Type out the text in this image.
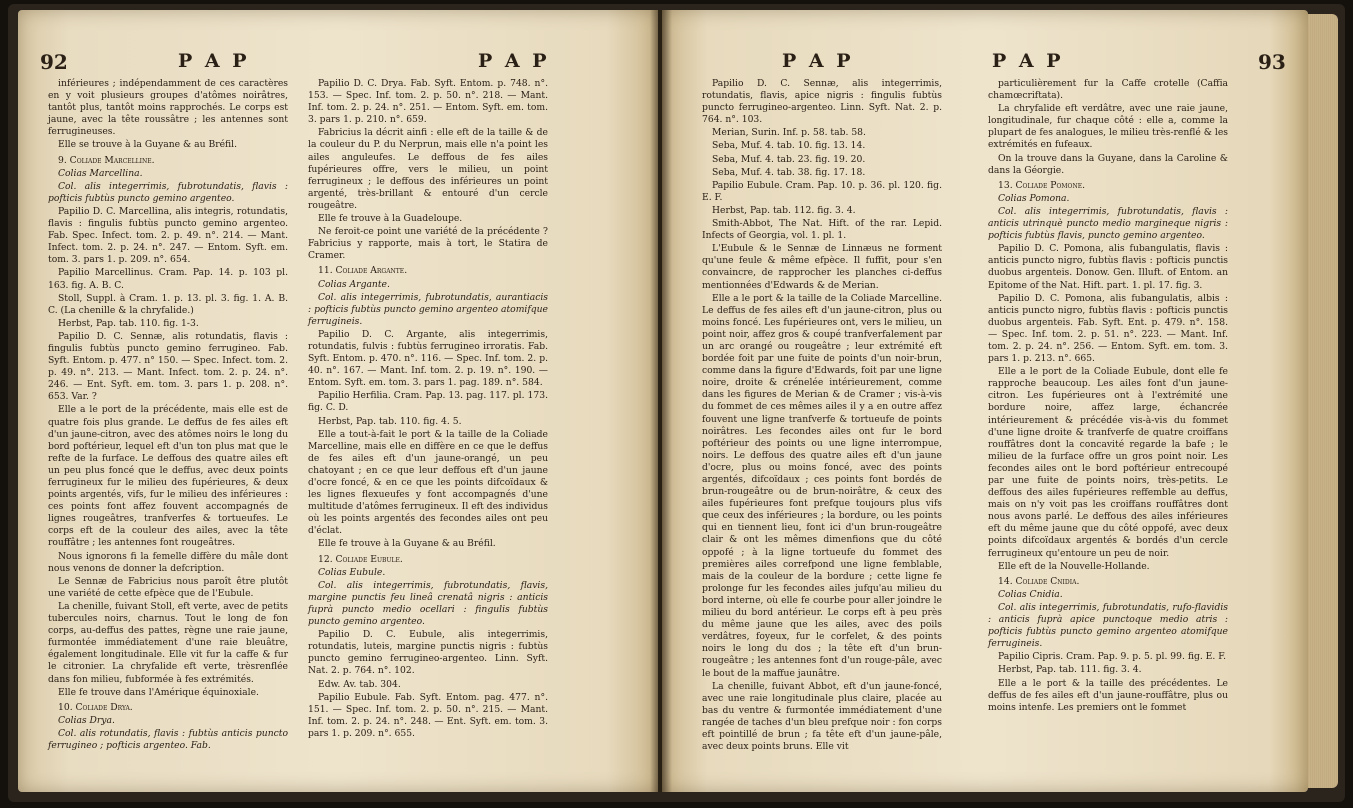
92	P A P	P A P

inférieures ; indépendamment de ces caractères en y voit plusieurs groupes d'atômes noirâtres, tantôt plus, tantôt moins rapprochés. Le corps est jaune, avec la tête roussâtre ; les antennes sont ferrugineuses.

Elle se trouve à la Guyane & au Bréfil.

9. Coliade Marcelline.

Colias Marcellina.

Col. alis integerrimis, fubrotundatis, flavis : pofticis fubtùs puncto gemino argenteo.

Papilio D. C. Marcellina, alis integris, rotundatis, flavis : fingulis fubtùs puncto gemino argenteo. Fab. Spec. Infect. tom. 2. p. 49. n°. 214. — Mant. Infect. tom. 2. p. 24. n°. 247. — Entom. Syft. em. tom. 3. pars 1. p. 209. n°. 654.

Papilio Marcellinus. Cram. Pap. 14. p. 103 pl. 163. fig. A. B. C.

Stoll, Suppl. à Cram. 1. p. 13. pl. 3. fig. 1. A. B. C. (La chenille & la chryfalide.)

Herbst, Pap. tab. 110. fig. 1-3.

Papilio D. C. Sennæ, alis rotundatis, flavis : fingulis fubtùs puncto gemino ferrugineo. Fab. Syft. Entom. p. 477. n° 150. — Spec. Infect. tom. 2. p. 49. n°. 213. — Mant. Infect. tom. 2. p. 24. n°. 246. — Ent. Syft. em. tom. 3. pars 1. p. 208. n°. 653. Var. ?

Elle a le port de la précédente, mais elle est de quatre fois plus grande. Le deffus de fes ailes eft d'un jaune-citron, avec des atômes noirs le long du bord poftérieur, lequel eft d'un ton plus mat que le refte de la furface. Le deffous des quatre ailes eft un peu plus foncé que le deffus, avec deux points ferrugineux fur le milieu des fupérieures, & deux points argentés, vifs, fur le milieu des inférieures : ces points font affez fouvent accompagnés de lignes rougeâtres, tranfverfes & tortueufes. Le corps eft de la couleur des ailes, avec la tête rouffâtre ; les antennes font rougeâtres.

Nous ignorons fi la femelle diffère du mâle dont nous venons de donner la defcription.

Le Sennæ de Fabricius nous paroît être plutôt une variété de cette efpèce que de l'Eubule.

La chenille, fuivant Stoll, eft verte, avec de petits tubercules noirs, charnus. Tout le long de fon corps, au-deffus des pattes, règne une raie jaune, furmontée immédiatement d'une raie bleuâtre, également longitudinale. Elle vit fur la caffe & fur le citronier. La chryfalide eft verte, trèsrenflée dans fon milieu, fubformée à fes extrémités.

Elle fe trouve dans l'Amérique équinoxiale.

10. Coliade Drya.

Colias Drya.

Col. alis rotundatis, flavis : fubtùs anticis puncto ferrugineo ; pofticis argenteo. Fab.

Papilio D. C. Drya. Fab. Syft. Entom. p. 748. n°. 153. — Spec. Inf. tom. 2. p. 50. n°. 218. — Mant. Inf. tom. 2. p. 24. n°. 251. — Entom. Syft. em. tom. 3. pars 1. p. 210. n°. 659.

Fabricius la décrit ainfi : elle eft de la taille & de la couleur du P. du Nerprun, mais elle n'a point les ailes anguleufes. Le deffous de fes ailes fupérieures offre, vers le milieu, un point ferrugineux ; le deffous des inférieures un point argenté, très-brillant & entouré d'un cercle rougeâtre.

Elle fe trouve à la Guadeloupe.

Ne feroit-ce point une variété de la précédente ? Fabricius y rapporte, mais à tort, le Statira de Cramer.

11. Coliade Argante.

Colias Argante.

Col. alis integerrimis, fubrotundatis, aurantiacis : pofticis fubtùs puncto gemino argenteo atomifque ferrugineis.

Papilio D. C. Argante, alis integerrimis, rotundatis, fulvis : fubtùs ferrugineo irroratis. Fab. Syft. Entom. p. 470. n°. 116. — Spec. Inf. tom. 2. p. 40. n°. 167. — Mant. Inf. tom. 2. p. 19. n°. 190. — Entom. Syft. em. tom. 3. pars 1. pag. 189. n°. 584.

Papilio Herfilia. Cram. Pap. 13. pag. 117. pl. 173. fig. C. D.

Herbst, Pap. tab. 110. fig. 4. 5.

Elle a tout-à-fait le port & la taille de la Coliade Marcelline, mais elle en diffère en ce que le deffus de fes ailes eft d'un jaune-orangé, un peu chatoyant ; en ce que leur deffous eft d'un jaune d'ocre foncé, & en ce que les points difcoïdaux & les lignes flexueufes y font accompagnés d'une multitude d'atômes ferrugineux. Il eft des individus où les points argentés des fecondes ailes ont peu d'éclat.

Elle fe trouve à la Guyane & au Bréfil.

12. Coliade Eubule.

Colias Eubule.

Col. alis integerrimis, fubrotundatis, flavis, margine punctis feu lineâ crenatâ nigris : anticis fuprà puncto medio ocellari : fingulis fubtùs puncto gemino argenteo.

Papilio D. C. Eubule, alis integerrimis, rotundatis, luteis, margine punctis nigris : fubtùs puncto gemino ferrugineo-argenteo. Linn. Syft. Nat. 2. p. 764. n°. 102.

Edw. Av. tab. 304.

Papilio Eubule. Fab. Syft. Entom. pag. 477. n°. 151. — Spec. Inf. tom. 2. p. 50. n°. 215. — Mant. Inf. tom. 2. p. 24. n°. 248. — Ent. Syft. em. tom. 3. pars 1. p. 209. n°. 655.

P A P	P A P	93

Papilio D. C. Sennæ, alis integerrimis, rotundatis, flavis, apice nigris : fingulis fubtùs puncto ferrugineo-argenteo. Linn. Syft. Nat. 2. p. 764. n°. 103.

Merian, Surin. Inf. p. 58. tab. 58.

Seba, Muf. 4. tab. 10. fig. 13. 14.

Seba, Muf. 4. tab. 23. fig. 19. 20.

Seba, Muf. 4. tab. 38. fig. 17. 18.

Papilio Eubule. Cram. Pap. 10. p. 36. pl. 120. fig. E. F.

Herbst, Pap. tab. 112. fig. 3. 4.

Smith-Abbot, The Nat. Hift. of the rar. Lepid. Infects of Georgia, vol. 1. pl. 1.

L'Eubule & le Sennæ de Linnæus ne forment qu'une feule & même efpèce. Il fuffit, pour s'en convaincre, de rapprocher les planches ci-deffus mentionnées d'Edwards & de Merian.

Elle a le port & la taille de la Coliade Marcelline. Le deffus de fes ailes eft d'un jaune-citron, plus ou moins foncé. Les fupérieures ont, vers le milieu, un point noir, affez gros & coupé tranfverfalement par un arc orangé ou rougeâtre ; leur extrémité eft bordée foit par une fuite de points d'un noir-brun, comme dans la figure d'Edwards, foit par une ligne noire, droite & crénelée intérieurement, comme dans les figures de Merian & de Cramer ; vis-à-vis du fommet de ces mêmes ailes il y a en outre affez fouvent une ligne tranfverfe & tortueufe de points noirâtres. Les fecondes ailes ont fur le bord poftérieur des points ou une ligne interrompue, noirs. Le deffous des quatre ailes eft d'un jaune d'ocre, plus ou moins foncé, avec des points argentés, difcoïdaux ; ces points font bordés de brun-rougeâtre ou de brun-noirâtre, & ceux des ailes fupérieures font prefque toujours plus vifs que ceux des inférieures ; la bordure, ou les points qui en tiennent lieu, font ici d'un brun-rougeâtre clair & ont les mêmes dimenfions que du côté oppofé ; à la ligne tortueufe du fommet des premières ailes correfpond une ligne femblable, mais de la couleur de la bordure ; cette ligne fe prolonge fur les fecondes ailes jufqu'au milieu du bord interne, où elle fe courbe pour aller joindre le milieu du bord antérieur. Le corps eft à peu près du même jaune que les ailes, avec des poils verdâtres, foyeux, fur le corfelet, & des points noirs le long du dos ; la tête eft d'un brun-rougeâtre ; les antennes font d'un rouge-pâle, avec le bout de la maffue jaunâtre.

La chenille, fuivant Abbot, eft d'un jaune-foncé, avec une raie longitudinale plus claire, placée au bas du ventre & furmontée immédiatement d'une rangée de taches d'un bleu prefque noir : fon corps eft pointillé de brun ; fa tête eft d'un jaune-pâle, avec deux points bruns. Elle vit

particulièrement fur la Caffe crotelle (Caffia chamœcriftata).

La chryfalide eft verdâtre, avec une raie jaune, longitudinale, fur chaque côté : elle a, comme la plupart de fes analogues, le milieu très-renflé & les extrémités en fufeaux.

On la trouve dans la Guyane, dans la Caroline & dans la Géorgie.

13. Coliade Pomone.

Colias Pomona.

Col. alis integerrimis, fubrotundatis, flavis : anticis utrinquè puncto medio margineque nigris : pofticis fubtùs flavis, puncto gemino argenteo.

Papilio D. C. Pomona, alis fubangulatis, flavis : anticis puncto nigro, fubtùs flavis : pofticis punctis duobus argenteis. Donow. Gen. Illuft. of Entom. an Epitome of the Nat. Hift. part. 1. pl. 17. fig. 3.

Papilio D. C. Pomona, alis fubangulatis, albis : anticis puncto nigro, fubtùs flavis : pofticis punctis duobus argenteis. Fab. Syft. Ent. p. 479. n°. 158. — Spec. Inf. tom. 2. p. 51. n°. 223. — Mant. Inf. tom. 2. p. 24. n°. 256. — Entom. Syft. em. tom. 3. pars 1. p. 213. n°. 665.

Elle a le port de la Coliade Eubule, dont elle fe rapproche beaucoup. Les ailes font d'un jaune-citron. Les fupérieures ont à l'extrémité une bordure noire, affez large, échancrée intérieurement & précédée vis-à-vis du fommet d'une ligne droite & tranfverfe de quatre croiffans rouffâtres dont la concavité regarde la bafe ; le milieu de la furface offre un gros point noir. Les fecondes ailes ont le bord poftérieur entrecoupé par une fuite de points noirs, très-petits. Le deffous des ailes fupérieures reffemble au deffus, mais on n'y voit pas les croiffans rouffâtres dont nous avons parlé. Le deffous des ailes inférieures eft du même jaune que du côté oppofé, avec deux points difcoïdaux argentés & bordés d'un cercle ferrugineux qu'entoure un peu de noir.

Elle eft de la Nouvelle-Hollande.

14. Coliade Cnidia.

Colias Cnidia.

Col. alis integerrimis, fubrotundatis, rufo-flavidis : anticis fuprà apice punctoque medio atris : pofticis fubtùs puncto gemino argenteo atomifque ferrugineis.

Papilio Cipris. Cram. Pap. 9. p. 5. pl. 99. fig. E. F.

Herbst, Pap. tab. 111. fig. 3. 4.

Elle a le port & la taille des précédentes. Le deffus de fes ailes eft d'un jaune-rouffâtre, plus ou moins intenfe. Les premiers ont le fommet
